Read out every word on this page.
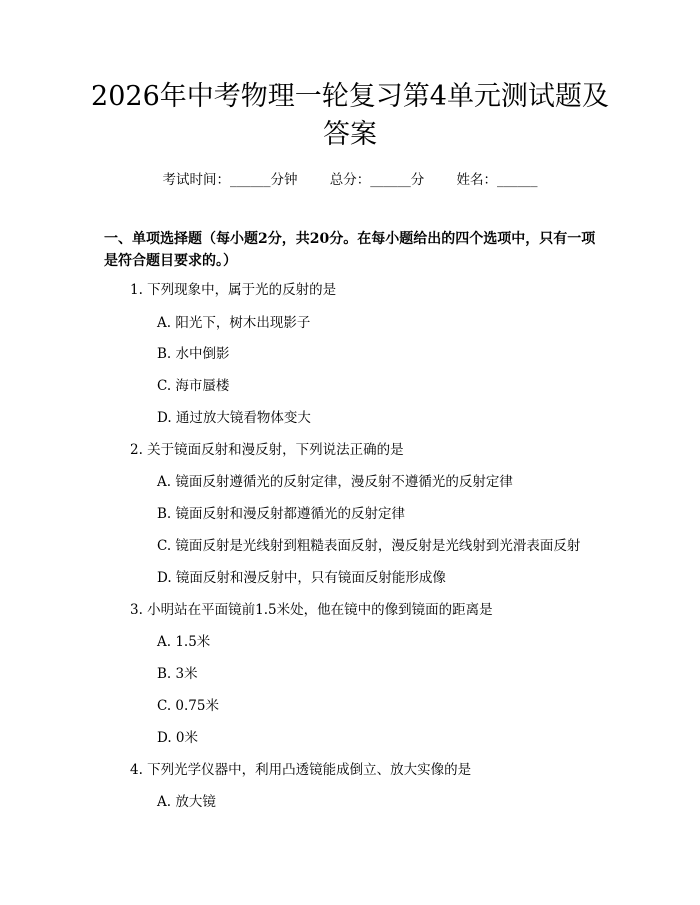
2026年中考物理一轮复习第4单元测试题及答案
考试时间：______分钟 总分：______分 姓名：______

一、单项选择题（每小题2分，共20分。在每小题给出的四个选项中，只有一项是符合题目要求的。）

1. 下列现象中，属于光的反射的是
A. 阳光下，树木出现影子
B. 水中倒影
C. 海市蜃楼
D. 通过放大镜看物体变大
2. 关于镜面反射和漫反射，下列说法正确的是
A. 镜面反射遵循光的反射定律，漫反射不遵循光的反射定律
B. 镜面反射和漫反射都遵循光的反射定律
C. 镜面反射是光线射到粗糙表面反射，漫反射是光线射到光滑表面反射
D. 镜面反射和漫反射中，只有镜面反射能形成像
3. 小明站在平面镜前1.5米处，他在镜中的像到镜面的距离是
A. 1.5米
B. 3米
C. 0.75米
D. 0米
4. 下列光学仪器中，利用凸透镜能成倒立、放大实像的是
A. 放大镜
